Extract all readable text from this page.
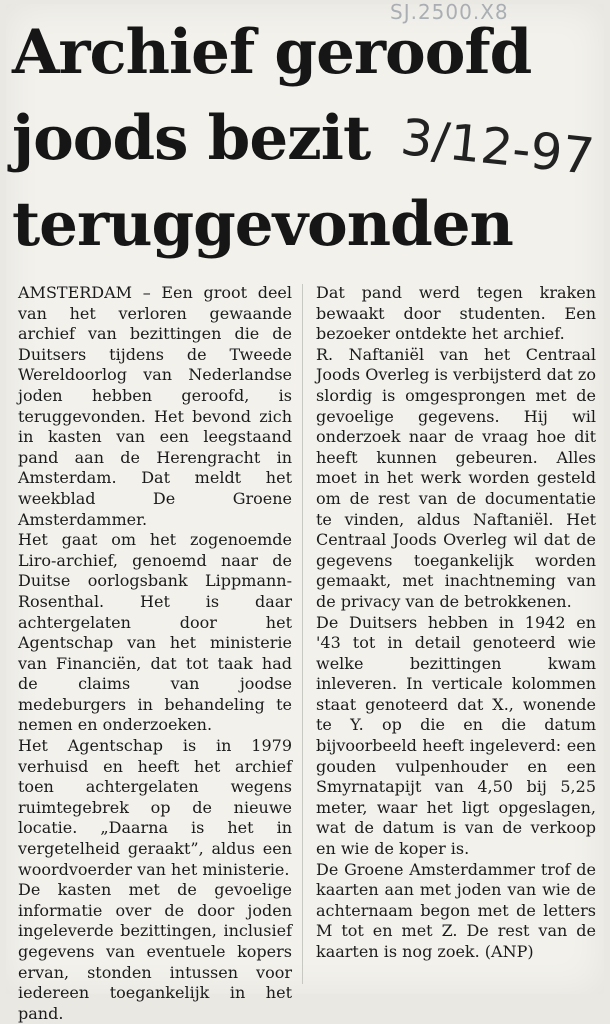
SJ.2500.X8
Archief geroofd
joods bezit
teruggevonden
3/12-97

AMSTERDAM – Een groot deel van het verloren gewaande archief van bezittingen die de Duitsers tijdens de Tweede Wereldoorlog van Nederlandse joden hebben geroofd, is teruggevonden. Het bevond zich in kasten van een leegstaand pand aan de Herengracht in Amsterdam. Dat meldt het weekblad De Groene Amsterdammer.

Het gaat om het zogenoemde Liro-archief, genoemd naar de Duitse oorlogsbank Lippmann-Rosenthal. Het is daar achtergelaten door het Agentschap van het ministerie van Financiën, dat tot taak had de claims van joodse medeburgers in behandeling te nemen en onderzoeken.

Het Agentschap is in 1979 verhuisd en heeft het archief toen achtergelaten wegens ruimtegebrek op de nieuwe locatie. „Daarna is het in vergetelheid geraakt”, aldus een woordvoerder van het ministerie.

De kasten met de gevoelige informatie over de door joden ingeleverde bezittingen, inclusief gegevens van eventuele kopers ervan, stonden intussen voor iedereen toegankelijk in het pand.

Dat pand werd tegen kraken bewaakt door studenten. Een bezoeker ontdekte het archief.

R. Naftaniël van het Centraal Joods Overleg is verbijsterd dat zo slordig is omgesprongen met de gevoelige gegevens. Hij wil onderzoek naar de vraag hoe dit heeft kunnen gebeuren. Alles moet in het werk worden gesteld om de rest van de documentatie te vinden, aldus Naftaniël. Het Centraal Joods Overleg wil dat de gegevens toegankelijk worden gemaakt, met inachtneming van de privacy van de betrokkenen.

De Duitsers hebben in 1942 en '43 tot in detail genoteerd wie welke bezittingen kwam inleveren. In verticale kolommen staat genoteerd dat X., wonende te Y. op die en die datum bijvoorbeeld heeft ingeleverd: een gouden vulpenhouder en een Smyrnatapijt van 4,50 bij 5,25 meter, waar het ligt opgeslagen, wat de datum is van de verkoop en wie de koper is.

De Groene Amsterdammer trof de kaarten aan met joden van wie de achternaam begon met de letters M tot en met Z. De rest van de kaarten is nog zoek. (ANP)
